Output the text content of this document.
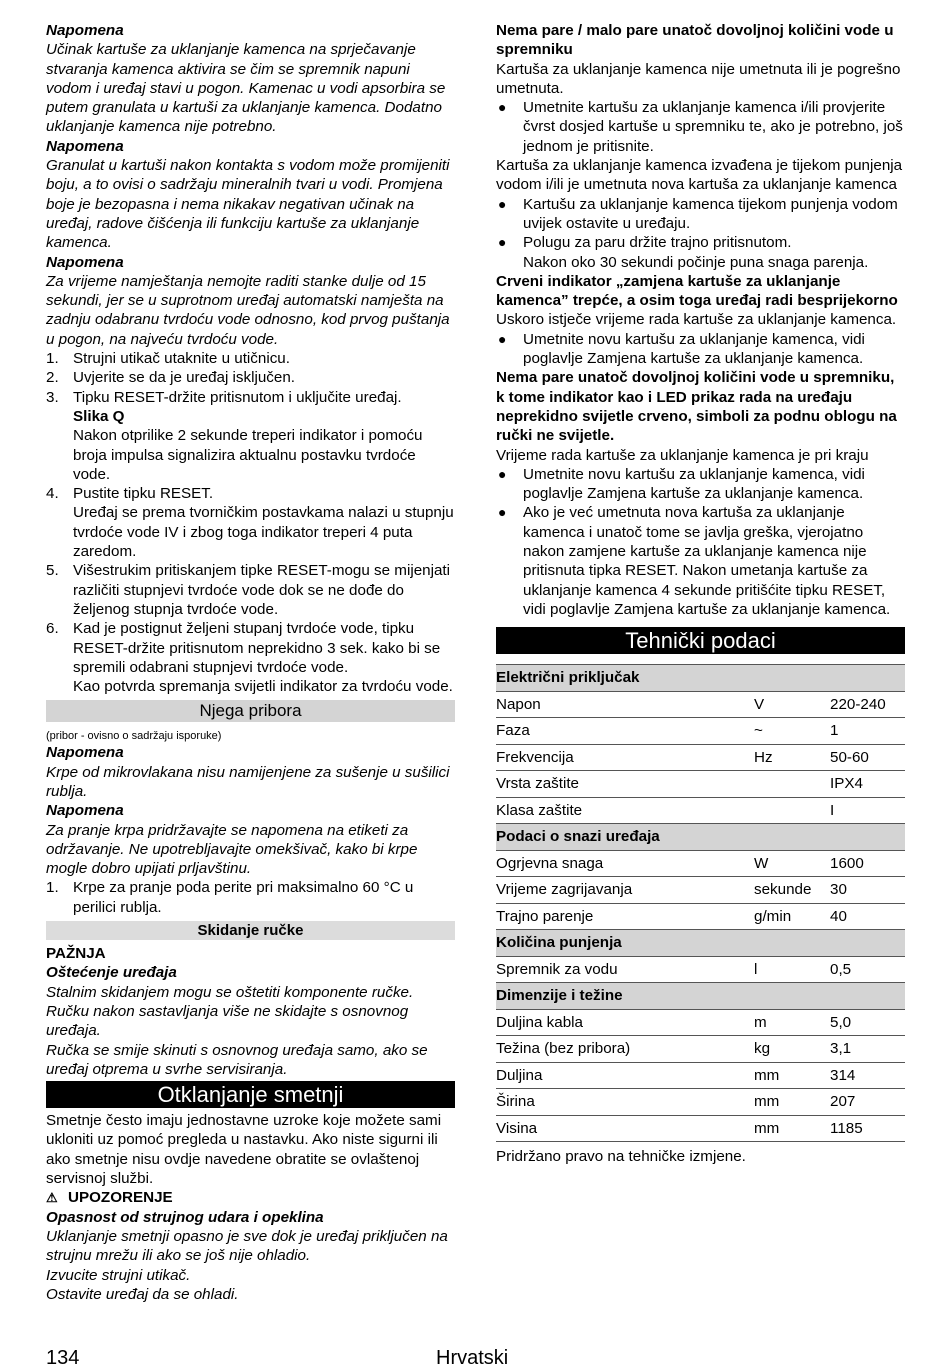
Napomena

Učinak kartuše za uklanjanje kamenca na sprječavanje stvaranja kamenca aktivira se čim se spremnik napuni vodom i uređaj stavi u pogon. Kamenac u vodi apsorbira se putem granulata u kartuši za uklanjanje kamenca. Dodatno uklanjanje kamenca nije potrebno.

Napomena

Granulat u kartuši nakon kontakta s vodom može promijeniti boju, a to ovisi o sadržaju mineralnih tvari u vodi. Promjena boje je bezopasna i nema nikakav negativan učinak na uređaj, radove čišćenja ili funkciju kartuše za uklanjanje kamenca.

Napomena

Za vrijeme namještanja nemojte raditi stanke dulje od 15 sekundi, jer se u suprotnom uređaj automatski namješta na zadnju odabranu tvrdoću vode odnosno, kod prvog puštanja u pogon, na najveću tvrdoću vode.

1. Strujni utikač utaknite u utičnicu.
2. Uvjerite se da je uređaj isključen.
3. Tipku RESET-držite pritisnutom i uključite uređaj.

Slika Q

Nakon otprilike 2 sekunde treperi indikator i pomoću broja impulsa signalizira aktualnu postavku tvrdoće vode.

4. Pustite tipku RESET.

Uređaj se prema tvorničkim postavkama nalazi u stupnju tvrdoće vode IV i zbog toga indikator treperi 4 puta zaredom.

5. Višestrukim pritiskanjem tipke RESET-mogu se mijenjati različiti stupnjevi tvrdoće vode dok se ne dođe do željenog stupnja tvrdoće vode.
6. Kad je postignut željeni stupanj tvrdoće vode, tipku RESET-držite pritisnutom neprekidno 3 sek. kako bi se spremili odabrani stupnjevi tvrdoće vode.

Kao potvrda spremanja svijetli indikator za tvrdoću vode.

Njega pribora

(pribor - ovisno o sadržaju isporuke)

Napomena

Krpe od mikrovlakana nisu namijenjene za sušenje u sušilici rublja.

Napomena

Za pranje krpa pridržavajte se napomena na etiketi za održavanje. Ne upotrebljavajte omekšivač, kako bi krpe mogle dobro upijati prljavštinu.

1. Krpe za pranje poda perite pri maksimalno 60 °C u perilici rublja.
Skidanje ručke

PAŽNJA

Oštećenje uređaja

Stalnim skidanjem mogu se oštetiti komponente ručke. Ručku nakon sastavljanja više ne skidajte s osnovnog uređaja.

Ručka se smije skinuti s osnovnog uređaja samo, ako se uređaj otprema u svrhe servisiranja.

Otklanjanje smetnji

Smetnje često imaju jednostavne uzroke koje možete sami ukloniti uz pomoć pregleda u nastavku. Ako niste sigurni ili ako smetnje nisu ovdje navedene obratite se ovlaštenoj servisnoj službi.

⚠ UPOZORENJE

Opasnost od strujnog udara i opeklina

Uklanjanje smetnji opasno je sve dok je uređaj priključen na strujnu mrežu ili ako se još nije ohladio.

Izvucite strujni utikač.

Ostavite uređaj da se ohladi.

Nema pare / malo pare unatoč dovoljnoj količini vode u spremniku

Kartuša za uklanjanje kamenca nije umetnuta ili je pogrešno umetnuta.

● Umetnite kartušu za uklanjanje kamenca i/ili provjerite čvrst dosjed kartuše u spremniku te, ako je potrebno, još jednom je pritisnite.

Kartuša za uklanjanje kamenca izvađena je tijekom punjenja vodom i/ili je umetnuta nova kartuša za uklanjanje kamenca

● Kartušu za uklanjanje kamenca tijekom punjenja vodom uvijek ostavite u uređaju.
● Polugu za paru držite trajno pritisnutom.
Nakon oko 30 sekundi počinje puna snaga parenja.

Crveni indikator „zamjena kartuše za uklanjanje kamenca” trepće, a osim toga uređaj radi besprijekorno

Uskoro istječe vrijeme rada kartuše za uklanjanje kamenca.

● Umetnite novu kartušu za uklanjanje kamenca, vidi poglavlje Zamjena kartuše za uklanjanje kamenca.

Nema pare unatoč dovoljnoj količini vode u spremniku, k tome indikator kao i LED prikaz rada na uređaju neprekidno svijetle crveno, simboli za podnu oblogu na ručki ne svijetle.

Vrijeme rada kartuše za uklanjanje kamenca je pri kraju

● Umetnite novu kartušu za uklanjanje kamenca, vidi poglavlje Zamjena kartuše za uklanjanje kamenca.
● Ako je već umetnuta nova kartuša za uklanjanje kamenca i unatoč tome se javlja greška, vjerojatno nakon zamjene kartuše za uklanjanje kamenca nije pritisnuta tipka RESET. Nakon umetanja kartuše za uklanjanje kamenca 4 sekunde pritišćite tipku RESET, vidi poglavlje Zamjena kartuše za uklanjanje kamenca.
Tehnički podaci
Električni priključak		
Napon	V	220-240
Faza	~	1
Frekvencija	Hz	50-60
Vrsta zaštite		IPX4
Klasa zaštite		I
Podaci o snazi uređaja		
Ogrjevna snaga	W	1600
Vrijeme zagrijavanja	sekunde	30
Trajno parenje	g/min	40
Količina punjenja		
Spremnik za vodu	l	0,5
Dimenzije i težine		
Duljina kabla	m	5,0
Težina (bez pribora)	kg	3,1
Duljina	mm	314
Širina	mm	207
Visina	mm	1185

Pridržano pravo na tehničke izmjene.

134	Hrvatski
